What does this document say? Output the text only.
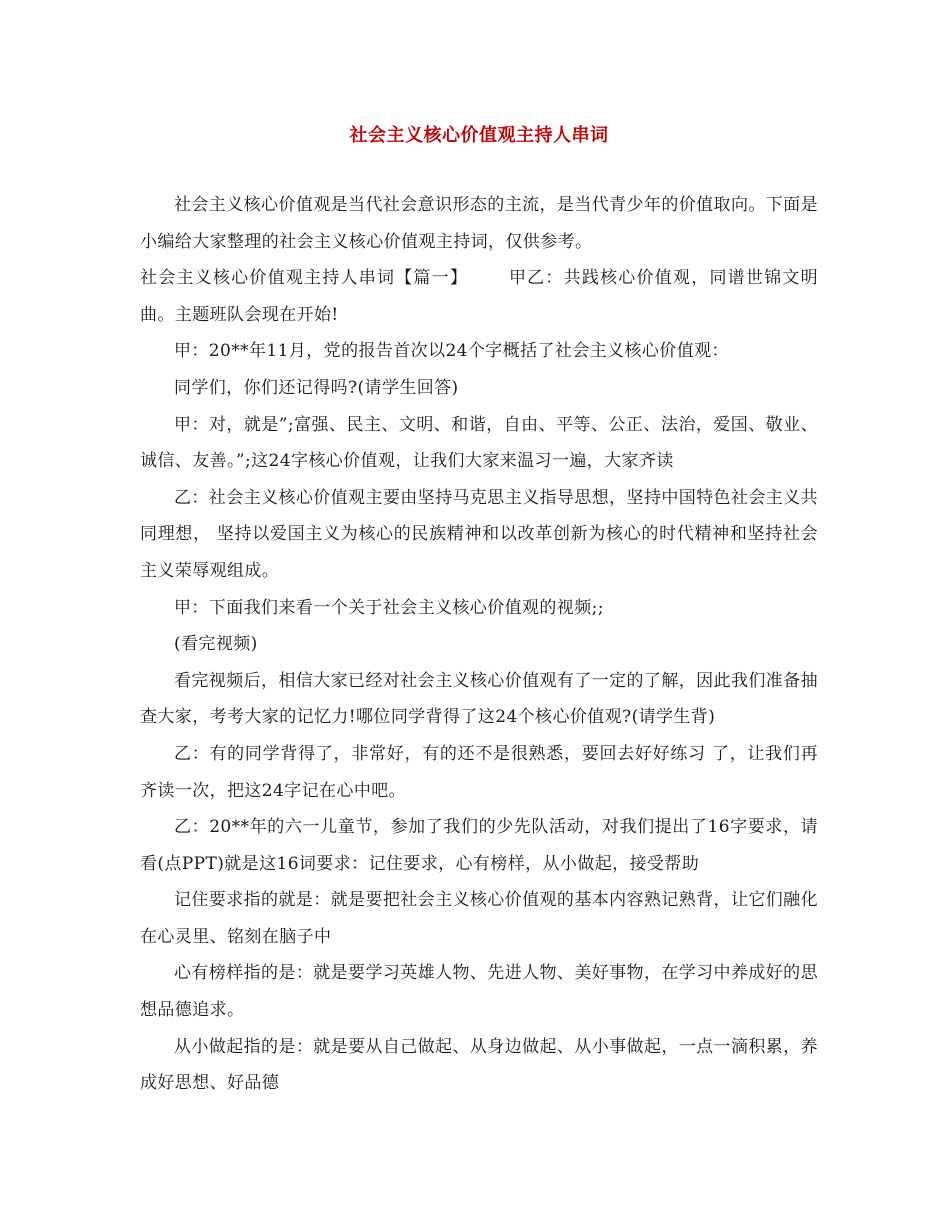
社会主义核心价值观主持人串词

社会主义核心价值观是当代社会意识形态的主流，是当代青少年的价值取向。下面是小编给大家整理的社会主义核心价值观主持词，仅供参考。

社会主义核心价值观主持人串词【篇一】 甲乙：共践核心价值观，同谱世锦文明曲。主题班队会现在开始!

甲：20**年11月，党的报告首次以24个字概括了社会主义核心价值观：

同学们，你们还记得吗?(请学生回答)

甲：对，就是”;富强、民主、文明、和谐，自由、平等、公正、法治，爱国、敬业、诚信、友善。”;这24字核心价值观，让我们大家来温习一遍，大家齐读

乙：社会主义核心价值观主要由坚持马克思主义指导思想，坚持中国特色社会主义共同理想， 坚持以爱国主义为核心的民族精神和以改革创新为核心的时代精神和坚持社会主义荣辱观组成。

甲：下面我们来看一个关于社会主义核心价值观的视频;;

(看完视频)

看完视频后，相信大家已经对社会主义核心价值观有了一定的了解，因此我们准备抽查大家，考考大家的记忆力!哪位同学背得了这24个核心价值观?(请学生背)

乙：有的同学背得了，非常好，有的还不是很熟悉，要回去好好练习 了，让我们再齐读一次，把这24字记在心中吧。

乙：20**年的六一儿童节，参加了我们的少先队活动，对我们提出了16字要求，请看(点PPT)就是这16词要求：记住要求，心有榜样，从小做起，接受帮助

记住要求指的就是：就是要把社会主义核心价值观的基本内容熟记熟背，让它们融化在心灵里、铭刻在脑子中

心有榜样指的是：就是要学习英雄人物、先进人物、美好事物，在学习中养成好的思想品德追求。

从小做起指的是：就是要从自己做起、从身边做起、从小事做起，一点一滴积累，养成好思想、好品德
